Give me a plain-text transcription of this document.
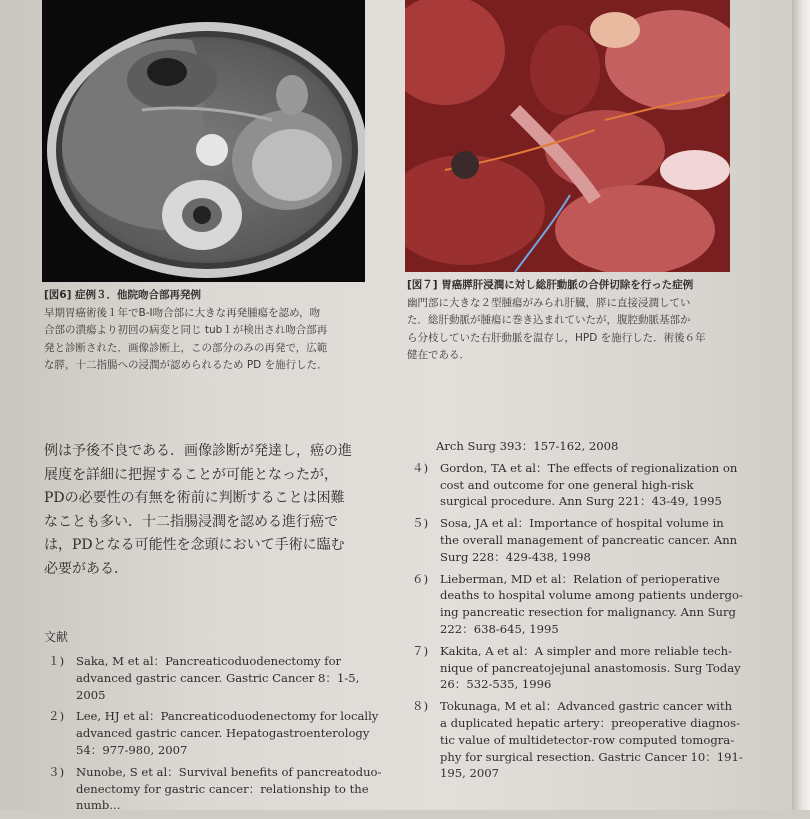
[図6] 症例３．他院吻合部再発例
早期胃癌術後１年でB-Ⅰ吻合部に大きな再発腫瘍を認め，吻
合部の潰瘍より初回の病変と同じ tub１が検出され吻合部再
発と診断された．画像診断上，この部分のみの再発で，広範
な膵，十二指腸への浸潤が認められるため PD を施行した．
[図７] 胃癌膵肝浸潤に対し総肝動脈の合併切除を行った症例
幽門部に大きな２型腫瘍がみられ肝臓，膵に直接浸潤してい
た．総肝動脈が腫瘍に巻き込まれていたが，腹腔動脈基部か
ら分枝していた右肝動脈を温存し，HPD を施行した．術後６年
健在である．

例は予後不良である．画像診断が発達し，癌の進

展度を詳細に把握することが可能となったが，

PDの必要性の有無を術前に判断することは困難

なことも多い．十二指腸浸潤を認める進行癌で

は，PDとなる可能性を念頭において手術に臨む

必要がある．

文献
１)	Saka, M et al：Pancreaticoduodenectomy for
advanced gastric cancer. Gastric Cancer 8：1-5,
2005
２)	Lee, HJ et al：Pancreaticoduodenectomy for locally
advanced gastric cancer. Hepatogastroenterology
54：977-980, 2007
３)	Nunobe, S et al：Survival benefits of pancreatoduo-
denectomy for gastric cancer：relationship to the
numb...
Arch Surg 393：157-162, 2008
４)	Gordon, TA et al：The effects of regionalization on
cost and outcome for one general high-risk
surgical procedure. Ann Surg 221：43-49, 1995
５)	Sosa, JA et al：Importance of hospital volume in
the overall management of pancreatic cancer. Ann
Surg 228：429-438, 1998
６)	Lieberman, MD et al：Relation of perioperative
deaths to hospital volume among patients undergo-
ing pancreatic resection for malignancy. Ann Surg
222：638-645, 1995
７)	Kakita, A et al：A simpler and more reliable tech-
nique of pancreatojejunal anastomosis. Surg Today
26：532-535, 1996
８)	Tokunaga, M et al：Advanced gastric cancer with
a duplicated hepatic artery：preoperative diagnos-
tic value of multidetector-row computed tomogra-
phy for surgical resection. Gastric Cancer 10：191-
195, 2007
